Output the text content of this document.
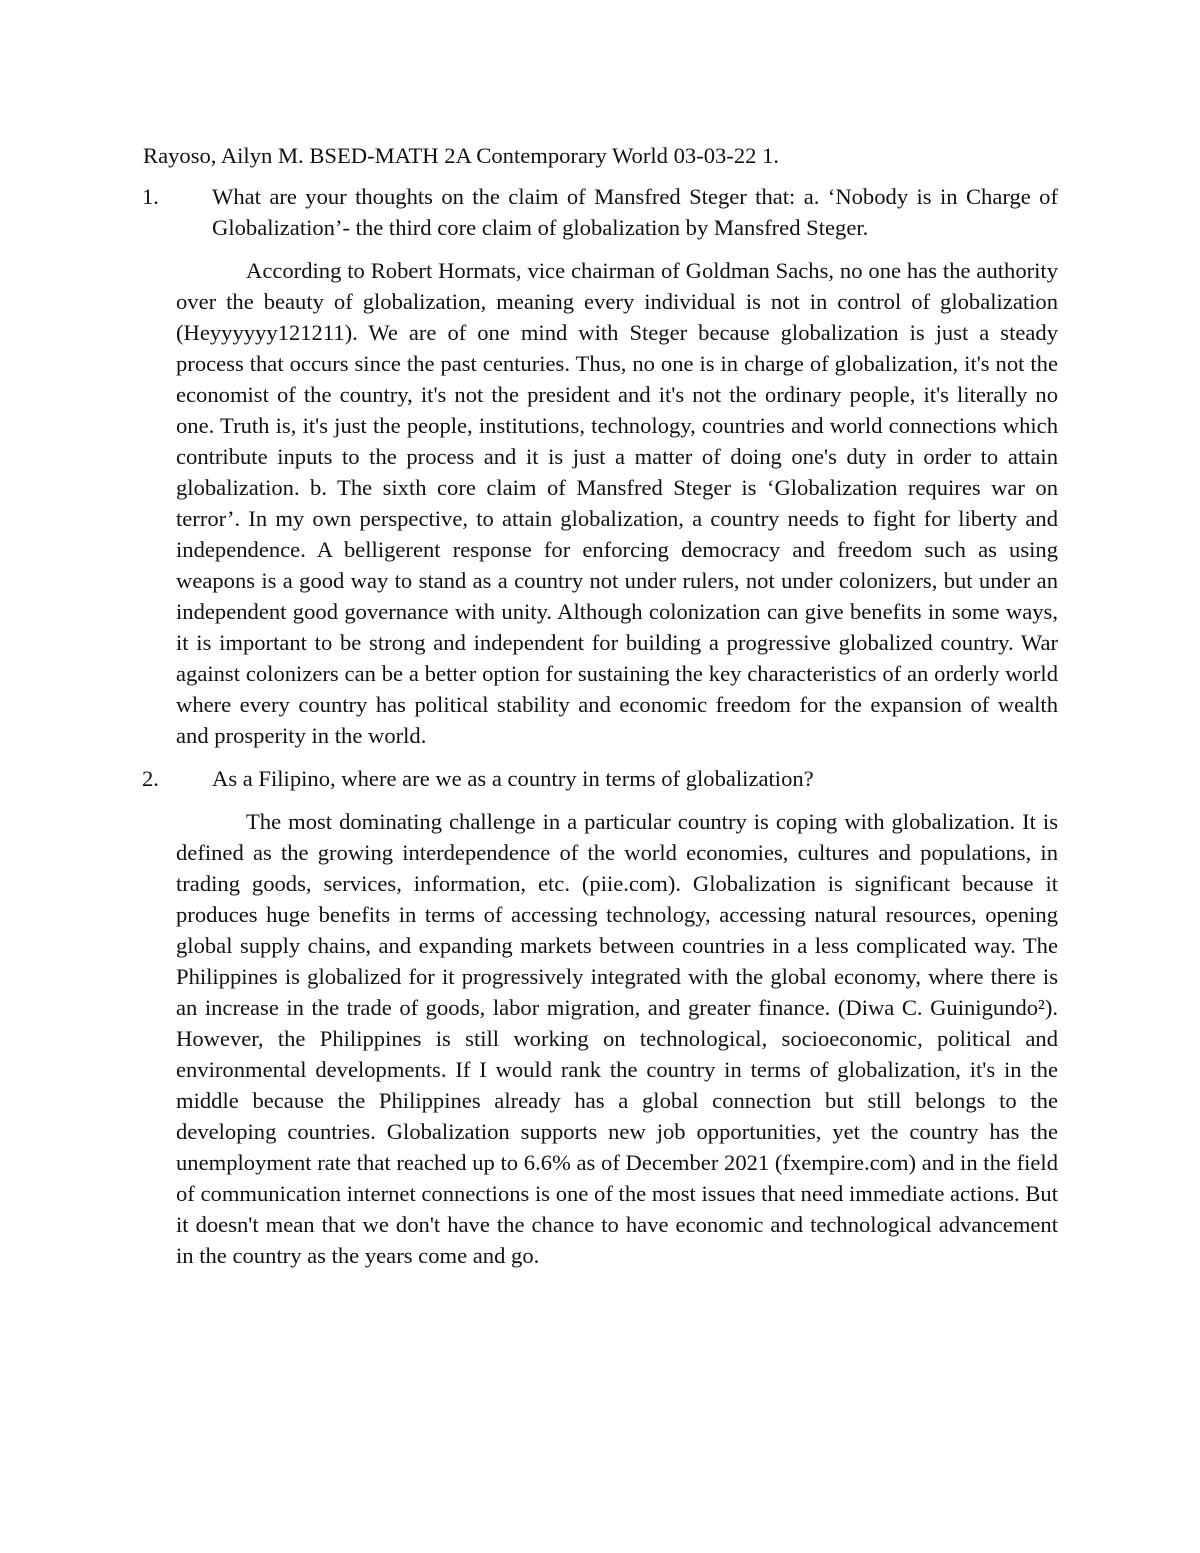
Rayoso, Ailyn M. BSED-MATH 2A Contemporary World 03-03-22 1.
1. What are your thoughts on the claim of Mansfred Steger that: a. ‘Nobody is in Charge of Globalization’- the third core claim of globalization by Mansfred Steger.

According to Robert Hormats, vice chairman of Goldman Sachs, no one has the authority over the beauty of globalization, meaning every individual is not in control of globalization (Heyyyyyy121211). We are of one mind with Steger because globalization is just a steady process that occurs since the past centuries. Thus, no one is in charge of globalization, it's not the economist of the country, it's not the president and it's not the ordinary people, it's literally no one. Truth is, it's just the people, institutions, technology, countries and world connections which contribute inputs to the process and it is just a matter of doing one's duty in order to attain globalization. b. The sixth core claim of Mansfred Steger is ‘Globalization requires war on terror’. In my own perspective, to attain globalization, a country needs to fight for liberty and independence. A belligerent response for enforcing democracy and freedom such as using weapons is a good way to stand as a country not under rulers, not under colonizers, but under an independent good governance with unity. Although colonization can give benefits in some ways, it is important to be strong and independent for building a progressive globalized country. War against colonizers can be a better option for sustaining the key characteristics of an orderly world where every country has political stability and economic freedom for the expansion of wealth and prosperity in the world.

2. As a Filipino, where are we as a country in terms of globalization?

The most dominating challenge in a particular country is coping with globalization. It is defined as the growing interdependence of the world economies, cultures and populations, in trading goods, services, information, etc. (piie.com). Globalization is significant because it produces huge benefits in terms of accessing technology, accessing natural resources, opening global supply chains, and expanding markets between countries in a less complicated way. The Philippines is globalized for it progressively integrated with the global economy, where there is an increase in the trade of goods, labor migration, and greater finance. (Diwa C. Guinigundo²). However, the Philippines is still working on technological, socioeconomic, political and environmental developments. If I would rank the country in terms of globalization, it's in the middle because the Philippines already has a global connection but still belongs to the developing countries. Globalization supports new job opportunities, yet the country has the unemployment rate that reached up to 6.6% as of December 2021 (fxempire.com) and in the field of communication internet connections is one of the most issues that need immediate actions. But it doesn't mean that we don't have the chance to have economic and technological advancement in the country as the years come and go.
